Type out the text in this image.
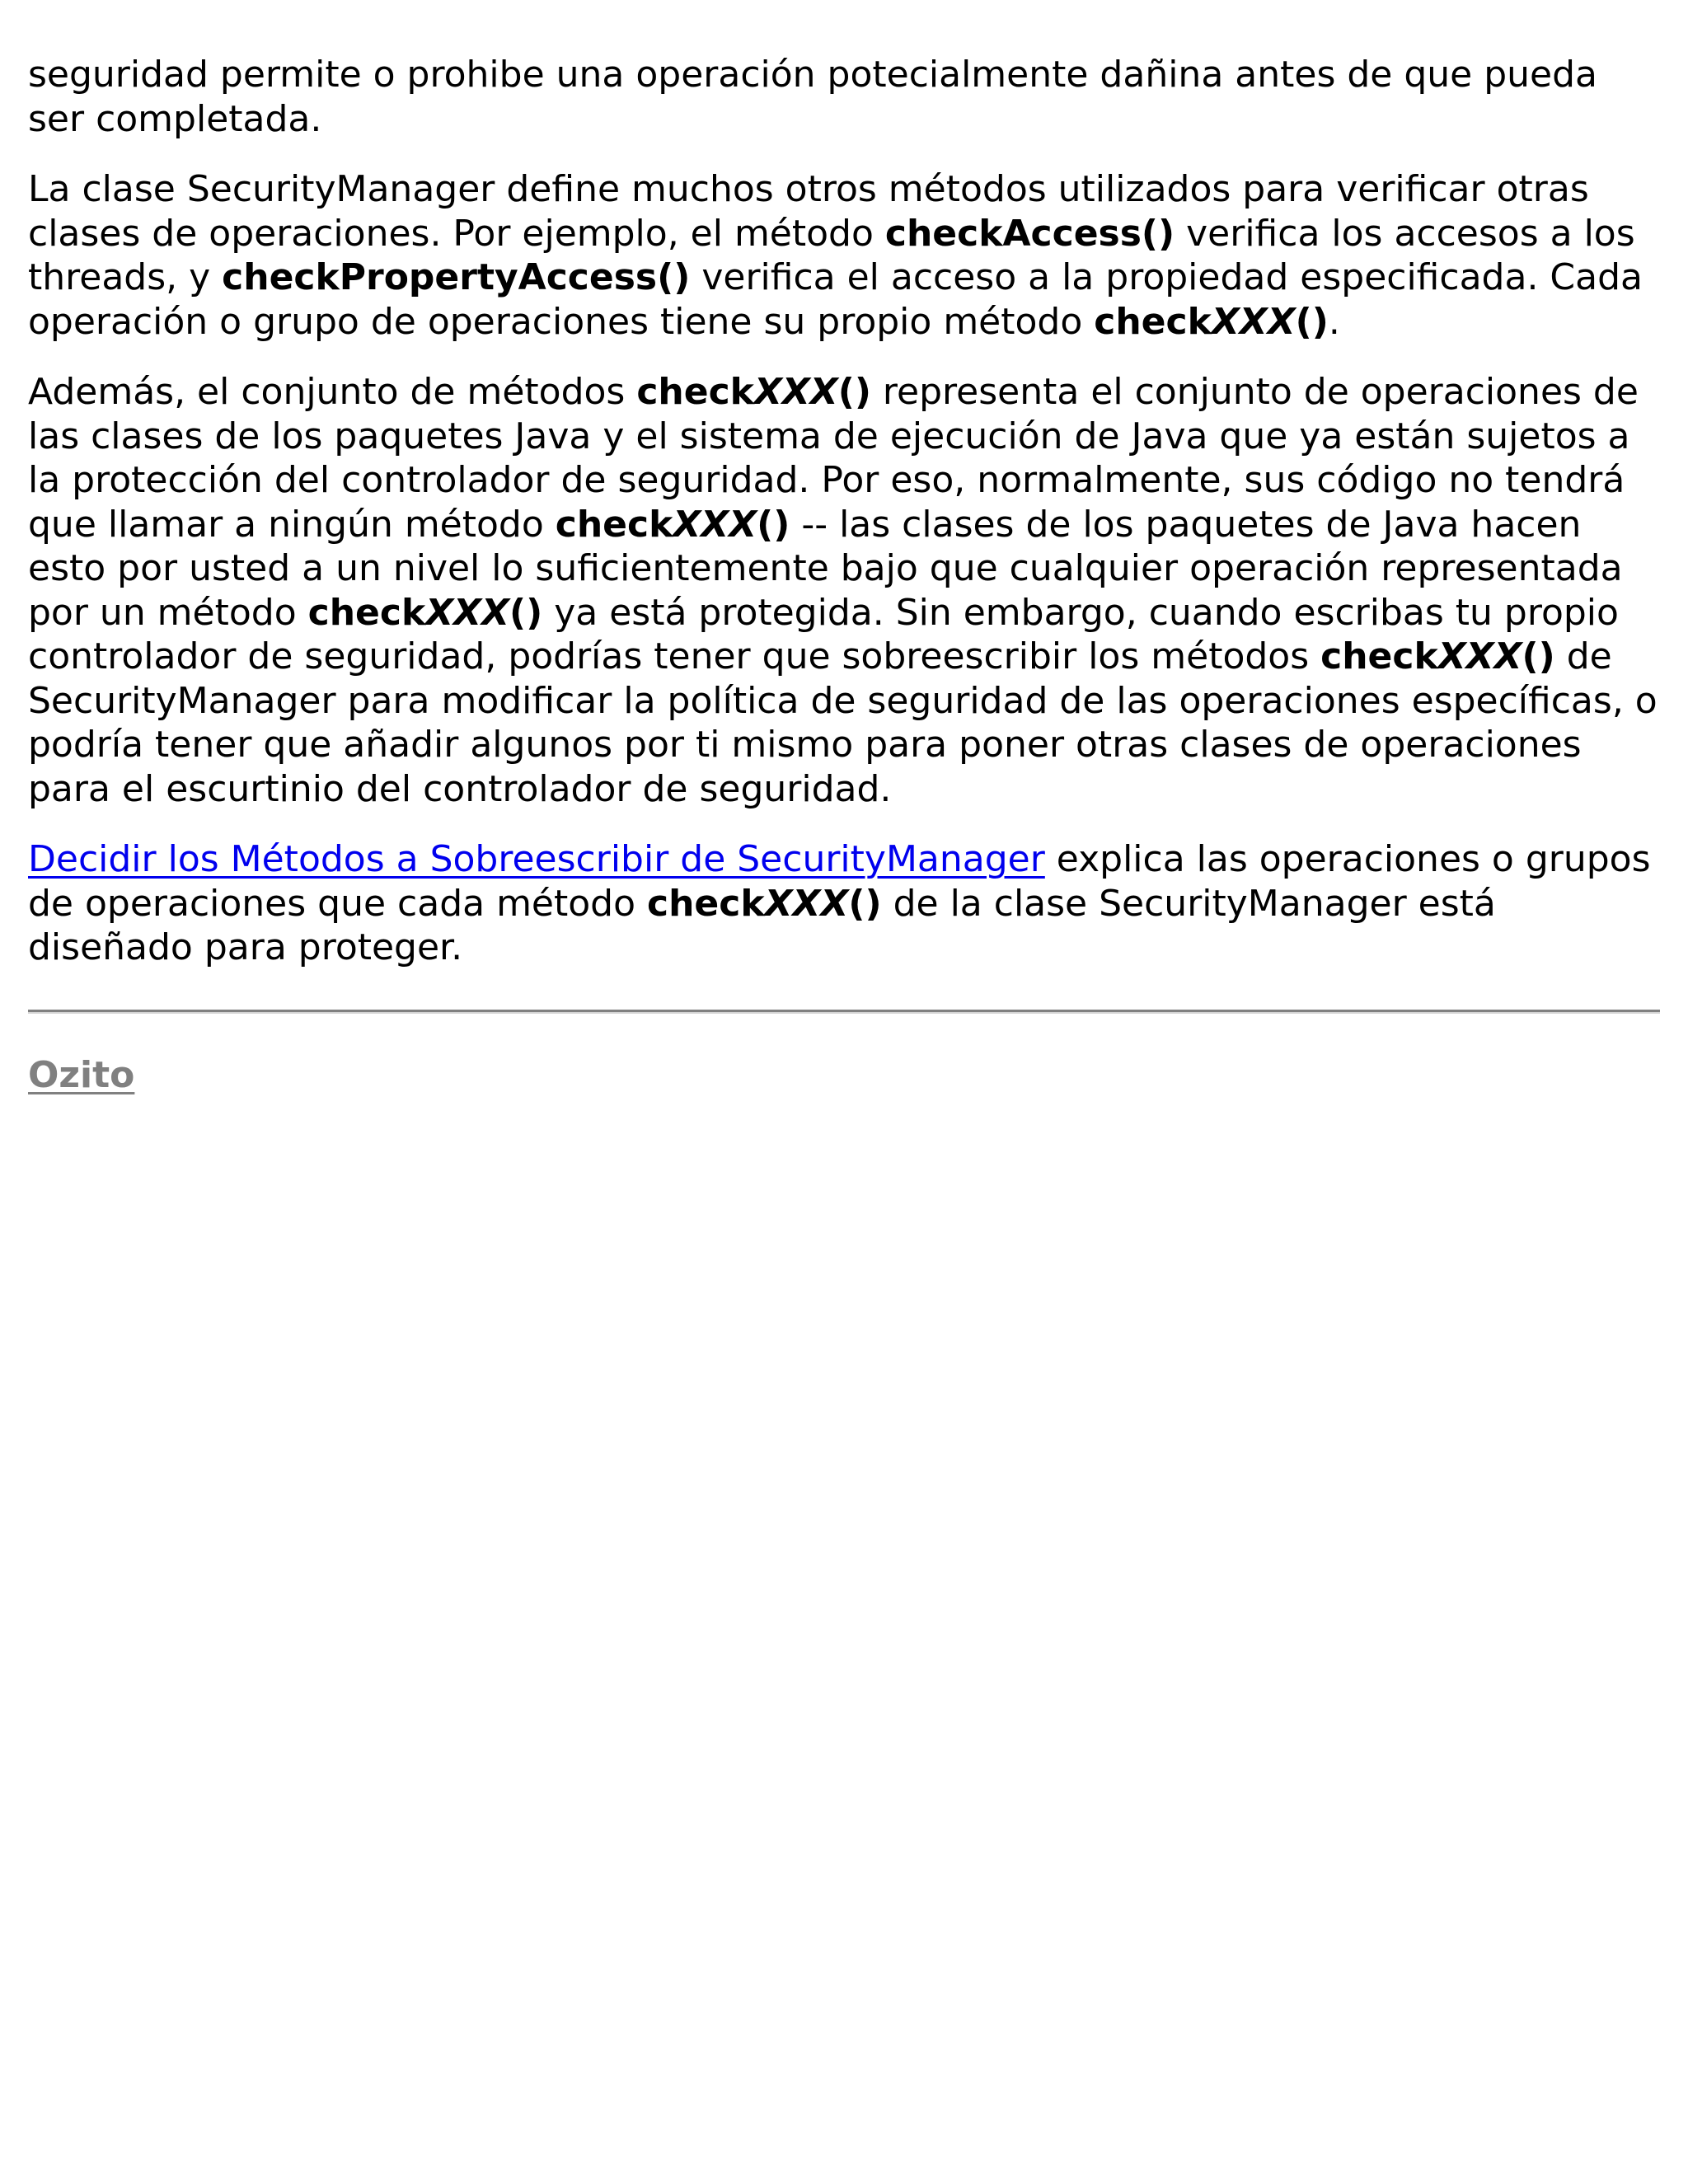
seguridad permite o prohibe una operación potecialmente dañina antes de que pueda ser completada.

La clase SecurityManager define muchos otros métodos utilizados para verificar otras clases de operaciones. Por ejemplo, el método checkAccess() verifica los accesos a los threads, y checkPropertyAccess() verifica el acceso a la propiedad especificada. Cada operación o grupo de operaciones tiene su propio método checkXXX().

Además, el conjunto de métodos checkXXX() representa el conjunto de operaciones de las clases de los paquetes Java y el sistema de ejecución de Java que ya están sujetos a la protección del controlador de seguridad. Por eso, normalmente, sus código no tendrá que llamar a ningún método checkXXX() -- las clases de los paquetes de Java hacen esto por usted a un nivel lo suficientemente bajo que cualquier operación representada por un método checkXXX() ya está protegida. Sin embargo, cuando escribas tu propio controlador de seguridad, podrías tener que sobreescribir los métodos checkXXX() de SecurityManager para modificar la política de seguridad de las operaciones específicas, o podría tener que añadir algunos por ti mismo para poner otras clases de operaciones para el escurtinio del controlador de seguridad.

Decidir los Métodos a Sobreescribir de SecurityManager explica las operaciones o grupos de operaciones que cada método checkXXX() de la clase SecurityManager está diseñado para proteger.

Ozito
